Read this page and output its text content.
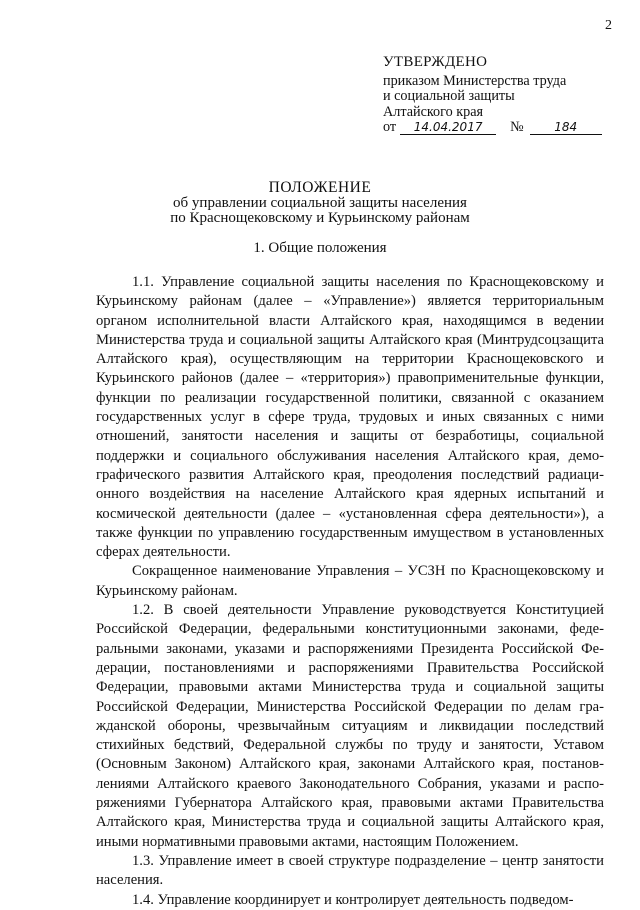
2
УТВЕРЖДЕНО
приказом Министерства труда
и социальной защиты
Алтайского края
от	14.04.2017	№	184
ПОЛОЖЕНИЕ
об управлении социальной защиты населения
по Краснощековскому и Курьинскому районам
1. Общие положения

1.1. Управление социальной защиты населения по Краснощековскому и Курьинскому районам (далее – «Управление») является территориальным органом исполнительной власти Алтайского края, находящимся в ведении Министерства труда и социальной защиты Алтайского края (Минтрудсоцзащита Алтайского края), осуществляющим на территории Краснощековского и Курьинского районов (далее – «территория») правоприменительные функции, функции по реализации государственной политики, связанной с оказанием государственных услуг в сфере труда, трудовых и иных связанных с ними отношений, занятости населения и защиты от безработицы, социальной поддержки и социального обслуживания населения Алтайского края, демографического развития Алтайского края, преодоления последствий радиационного воздействия на население Алтайского края ядерных испытаний и космической деятельности (далее – «установленная сфера деятельности»), а также функции по управлению государственным имуществом в установленных сферах деятельности.

Сокращенное наименование Управления – УСЗН по Краснощековскому и Курьинскому районам.

1.2. В своей деятельности Управление руководствуется Конституцией Российской Федерации, федеральными конституционными законами, федеральными законами, указами и распоряжениями Президента Российской Федерации, постановлениями и распоряжениями Правительства Российской Федерации, правовыми актами Министерства труда и социальной защиты Российской Федерации, Министерства Российской Федерации по делам гражданской обороны, чрезвычайным ситуациям и ликвидации последствий стихийных бедствий, Федеральной службы по труду и занятости, Уставом (Основным Законом) Алтайского края, законами Алтайского края, постановлениями Алтайского краевого Законодательного Собрания, указами и распоряжениями Губернатора Алтайского края, правовыми актами Правительства Алтайского края, Министерства труда и социальной защиты Алтайского края, иными нормативными правовыми актами, настоящим Положением.

1.3. Управление имеет в своей структуре подразделение – центр занятости населения.

1.4. Управление координирует и контролирует деятельность подведом-
